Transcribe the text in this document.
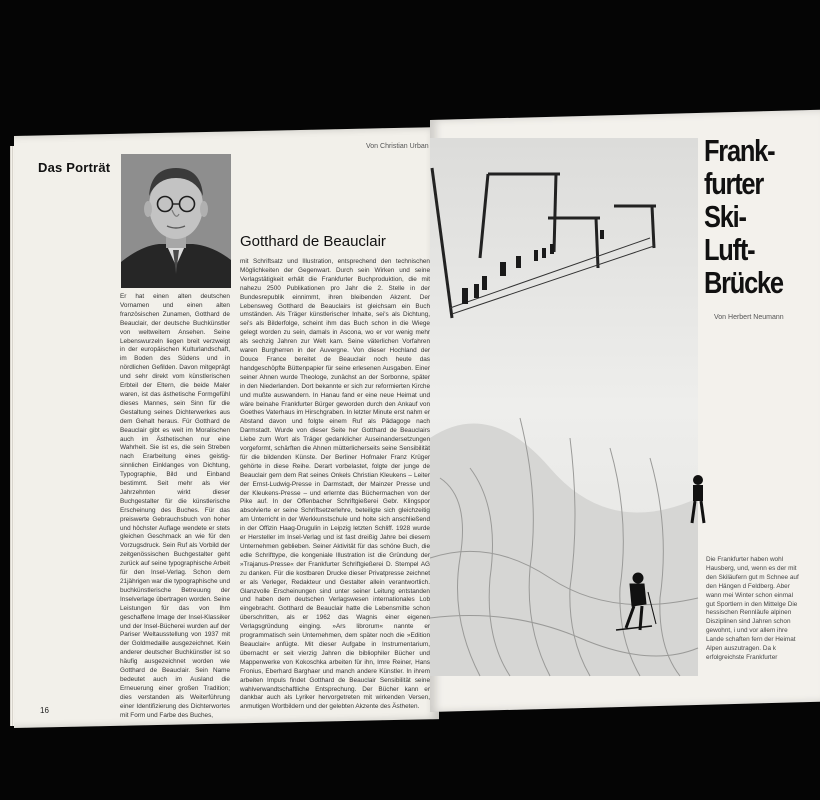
Das Porträt
Von Christian Urban
Gotthard de Beauclair
Er hat einen alten deutschen Vornamen und einen alten französischen Zunamen, Gotthard de Beauclair, der deutsche Buchkünstler von weltweitem Ansehen. Seine Lebenswurzeln liegen breit verzweigt in der europäischen Kulturlandschaft, im Boden des Südens und in nördlichen Gefilden. Davon mitgeprägt und sehr direkt vom künstlerischen Erbteil der Eltern, die beide Maler waren, ist das ästhetische Formgefühl dieses Mannes, sein Sinn für die Gestaltung seines Dichterwerkes aus dem Gehalt heraus. Für Gotthard de Beauclair gibt es weit im Moralischen auch im Ästhetischen nur eine Wahrheit. Sie ist es, die sein Streben nach Erarbeitung eines geistig-sinnlichen Einklanges von Dichtung, Typographie, Bild und Einband bestimmt. Seit mehr als vier Jahrzehnten wirkt dieser Buchgestalter für die künstlerische Erscheinung des Buches. Für das preiswerte Gebrauchsbuch von hoher und höchster Auflage wendete er stets gleichen Geschmack an wie für den Vorzugsdruck. Sein Ruf als Vorbild der zeitgenössischen Buchgestalter geht zurück auf seine typographische Arbeit für den Insel-Verlag. Schon dem 21jährigen war die typographische und buchkünstlerische Betreuung der Inselverlage übertragen worden. Seine Leistungen für das von Ihm geschaffene Image der Insel-Klassiker und der Insel-Bücherei wurden auf der Pariser Weltausstellung von 1937 mit der Goldmedaille ausgezeichnet. Kein anderer deutscher Buchkünstler ist so häufig ausgezeichnet worden wie Gotthard de Beauclair. Sein Name bedeutet auch im Ausland die Erneuerung einer großen Tradition; dies verstanden als Weiterführung einer Identifizierung des Dichterwortes mit Form und Farbe des Buches,
mit Schriftsatz und Illustration, entsprechend den technischen Möglichkeiten der Gegenwart. Durch sein Wirken und seine Verlagstätigkeit erhält die Frankfurter Buchproduktion, die mit nahezu 2500 Publikationen pro Jahr die 2. Stelle in der Bundesrepublik einnimmt, ihren bleibenden Akzent. Der Lebensweg Gotthard de Beauclairs ist gleichsam ein Buch umständen. Als Träger künstlerischer Inhalte, sei's als Dichtung, sei's als Bilderfolge, scheint ihm das Buch schon in die Wiege gelegt worden zu sein, damals in Ascona, wo er vor wenig mehr als sechzig Jahren zur Welt kam. Seine väterlichen Vorfahren waren Burgherren in der Auvergne. Von dieser Hochland der Douce France bereitet de Beauclair noch heute das handgeschöpfte Büttenpapier für seine erlesenen Ausgaben. Einer seiner Ahnen wurde Theologe, zunächst an der Sorbonne, später in den Niederlanden. Dort bekannte er sich zur reformierten Kirche und mußte auswandern. In Hanau fand er eine neue Heimat und wäre beinahe Frankfurter Bürger geworden durch den Ankauf von Goethes Vaterhaus im Hirschgraben. In letzter Minute erst nahm er Abstand davon und folgte einem Ruf als Pädagoge nach Darmstadt. Wurde von dieser Seite her Gotthard de Beauclairs Liebe zum Wort als Träger gedanklicher Auseinandersetzungen vorgeformt, schärften die Ahnen mütterlicherseits seine Sensibilität für die bildenden Künste. Der Berliner Hofmaler Franz Krüger gehörte in diese Reihe. Derart vorbelastet, folgte der junge de Beauclair gern dem Rat seines Onkels Christian Kleukens – Leiter der Ernst-Ludwig-Presse in Darmstadt, der Mainzer Presse und der Kleukens-Presse – und erlernte das Büchermachen von der Pike auf. In der Offenbacher Schriftgießerei Gebr. Klingspor absolvierte er seine Schriftsetzerlehre, beteiligte sich gleichzeitig am Unterricht in der Werkkunstschule und holte sich anschließend in der Offizin Haag-Drugulin in Leipzig letzten Schliff. 1928 wurde er Hersteller im Insel-Verlag und ist fast dreißig Jahre bei diesem Unternehmen geblieben. Seiner Aktivität für das schöne Buch, die edle Schrifttype, die kongeniale Illustration ist die Gründung der »Trajanus-Presse« der Frankfurter Schriftgießerei D. Stempel AG zu danken. Für die kostbaren Drucke dieser Privatpresse zeichnet er als Verleger, Redakteur und Gestalter allein verantwortlich. Glanzvolle Erscheinungen sind unter seiner Leitung entstanden und haben dem deutschen Verlagswesen internationales Lob eingebracht. Gotthard de Beauclair hatte die Lebensmitte schon überschritten, als er 1962 das Wagnis einer eigenen Verlagsgründung einging. »Ars librorum« nannte er programmatisch sein Unternehmen, dem später noch die »Edition Beauclair« anfügte. Mit dieser Aufgabe in Instrumentarium, übernacht er seit vierzig Jahren die bibliophiler Bücher und Mappenwerke von Kokoschka arbeiten für ihn, Imre Reiner, Hans Fronius, Eberhard Barghaer und manch andere Künstler. In ihrem arbeiten Impuls findet Gotthard de Beauclair Sensibilität seine wahlverwandtschaftliche Entsprechung. Der Bücher kann er dankbar auch als Lyriker hervorgetreten mit wirkenden Versen, anmutigen Wortbildern und der gelebten Akzente des Ästheten.
16
Frank-
furter
Ski-
Luft-
Brücke
Von Herbert Neumann
Die Frankfurter haben wohl Hausberg, und, wenn es der mit den Skiläufern gut m Schnee auf den Hängen d Feldberg. Aber wann mei Winter schon einmal gut Sportlern in den Mittelge Die hessischen Rennläufe alpinen Disziplinen sind Jahren schon gewohnt, i und vor allem ihre Lande schaften fern der Heimat Alpen auszutragen. Da k erfolgreichste Frankfurter
